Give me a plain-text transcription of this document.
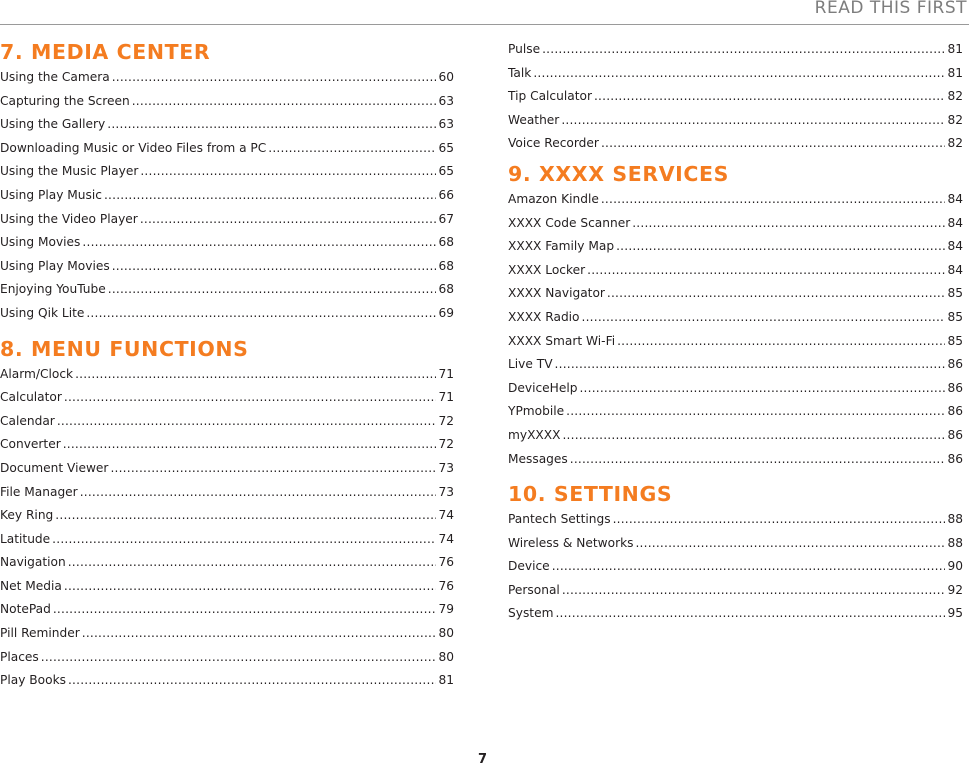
READ THIS FIRST
7. MEDIA CENTER
Using the Camera .....	60
Capturing the Screen .....	63
Using the Gallery .....	63
Downloading Music or Video Files from a PC .....	65
Using the Music Player .....	65
Using Play Music .....	66
Using the Video Player .....	67
Using Movies .....	68
Using Play Movies .....	68
Enjoying YouTube .....	68
Using Qik Lite .....	69
8. MENU FUNCTIONS
Alarm/Clock .....	71
Calculator .....	71
Calendar .....	72
Converter .....	72
Document Viewer .....	73
File Manager .....	73
Key Ring .....	74
Latitude .....	74
Navigation .....	76
Net Media .....	76
NotePad .....	79
Pill Reminder .....	80
Places .....	80
Play Books .....	81
Pulse .....	81
Talk .....	81
Tip Calculator .....	82
Weather .....	82
Voice Recorder .....	82
9. XXXX SERVICES
Amazon Kindle .....	84
XXXX Code Scanner .....	84
XXXX Family Map .....	84
XXXX Locker .....	84
XXXX Navigator .....	85
XXXX Radio .....	85
XXXX Smart Wi-Fi .....	85
Live TV .....	86
DeviceHelp .....	86
YPmobile .....	86
myXXXX .....	86
Messages .....	86
10. SETTINGS
Pantech Settings .....	88
Wireless & Networks .....	88
Device .....	90
Personal .....	92
System .....	95
7
